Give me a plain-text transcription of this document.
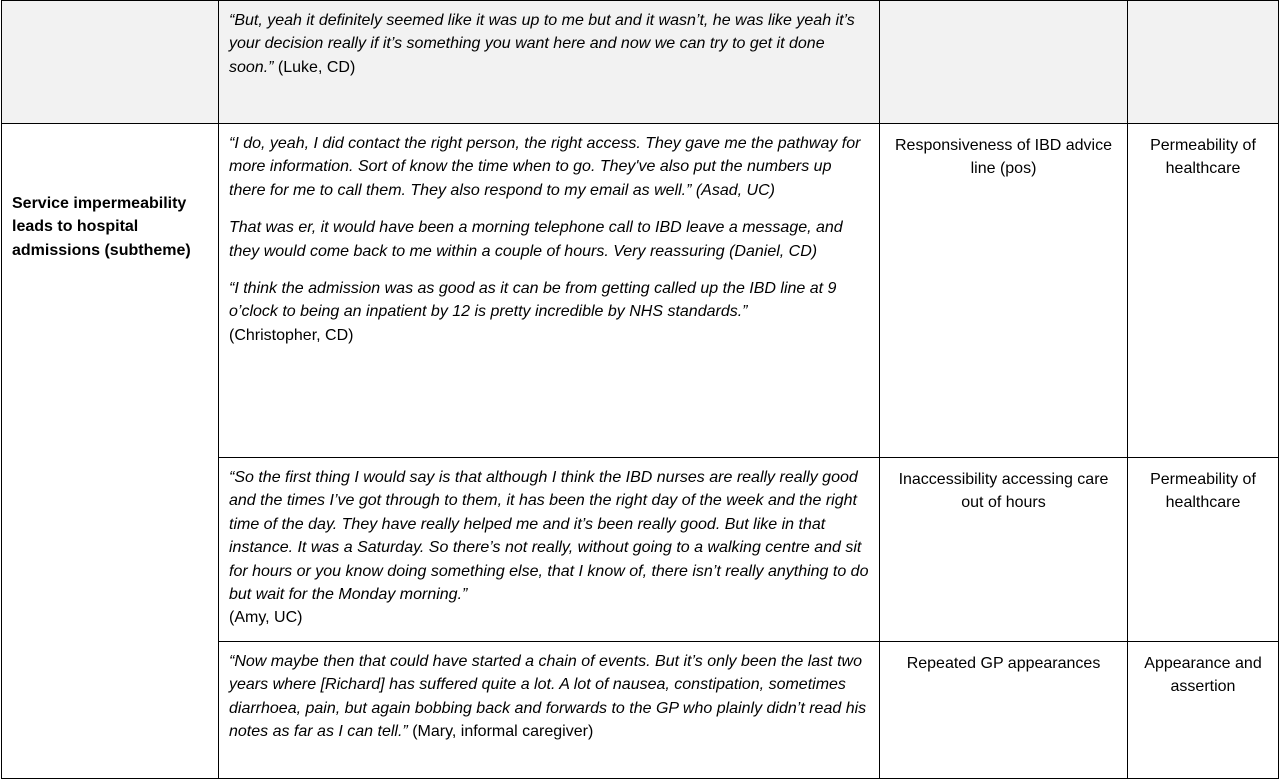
	“But, yeah it definitely seemed like it was up to me but and it wasn’t, he was like yeah it’s your decision really if it’s something you want here and now we can try to get it done soon.” (Luke, CD)		
Service impermeability leads to hospital admissions (subtheme)	“I do, yeah, I did contact the right person, the right access. They gave me the pathway for more information. Sort of know the time when to go. They've also put the numbers up there for me to call them. They also respond to my email as well.” (Asad, UC)

That was er, it would have been a morning telephone call to IBD leave a message, and they would come back to me within a couple of hours. Very reassuring (Daniel, CD)

“I think the admission was as good as it can be from getting called up the IBD line at 9 o’clock to being an inpatient by 12 is pretty incredible by NHS standards.”
(Christopher, CD)	Responsiveness of IBD advice line (pos)	Permeability of healthcare
	“So the first thing I would say is that although I think the IBD nurses are really really good and the times I’ve got through to them, it has been the right day of the week and the right time of the day. They have really helped me and it’s been really good. But like in that instance. It was a Saturday. So there’s not really, without going to a walking centre and sit for hours or you know doing something else, that I know of, there isn’t really anything to do but wait for the Monday morning.”
(Amy, UC)	Inaccessibility accessing care out of hours	Permeability of healthcare
	“Now maybe then that could have started a chain of events. But it’s only been the last two years where [Richard] has suffered quite a lot. A lot of nausea, constipation, sometimes diarrhoea, pain, but again bobbing back and forwards to the GP who plainly didn’t read his notes as far as I can tell.” (Mary, informal caregiver)	Repeated GP appearances	Appearance and assertion
